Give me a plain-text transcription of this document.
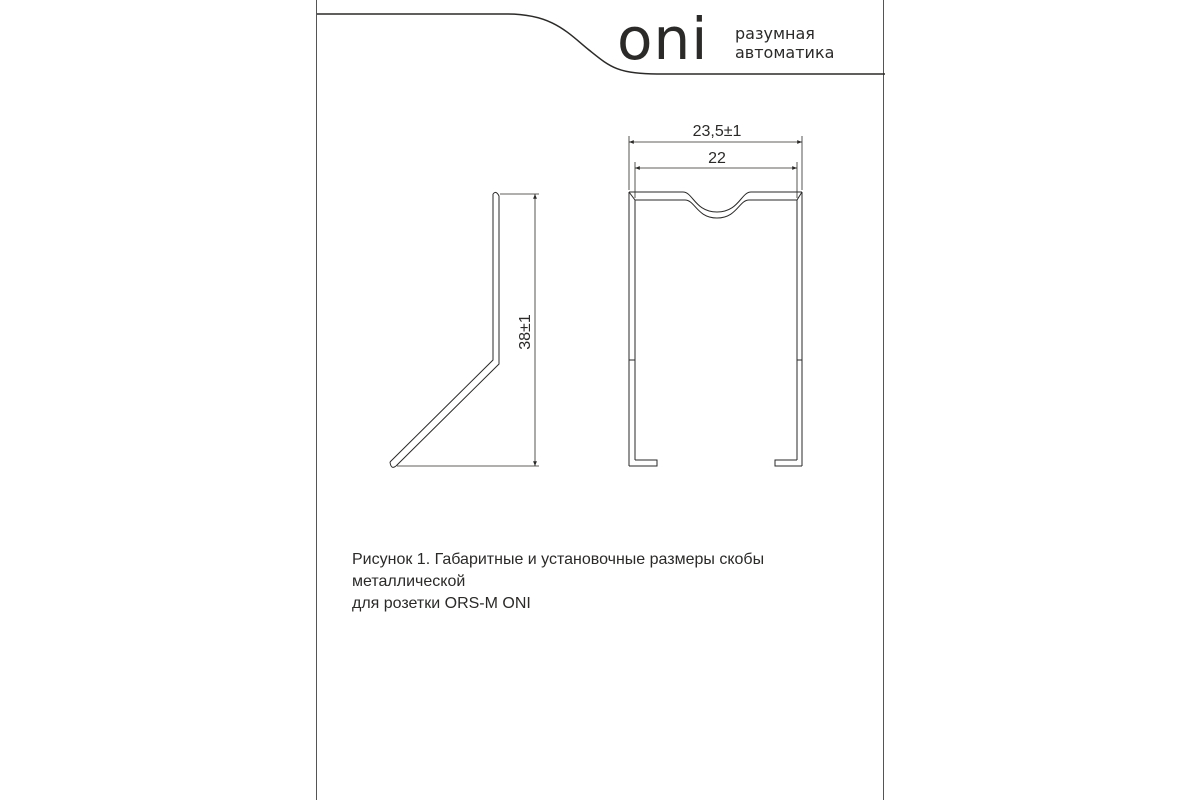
oni разумная
автоматика
38±1
23,5±1
22
Рисунок 1. Габаритные и установочные размеры скобы металлической
для розетки ORS-M ONI
